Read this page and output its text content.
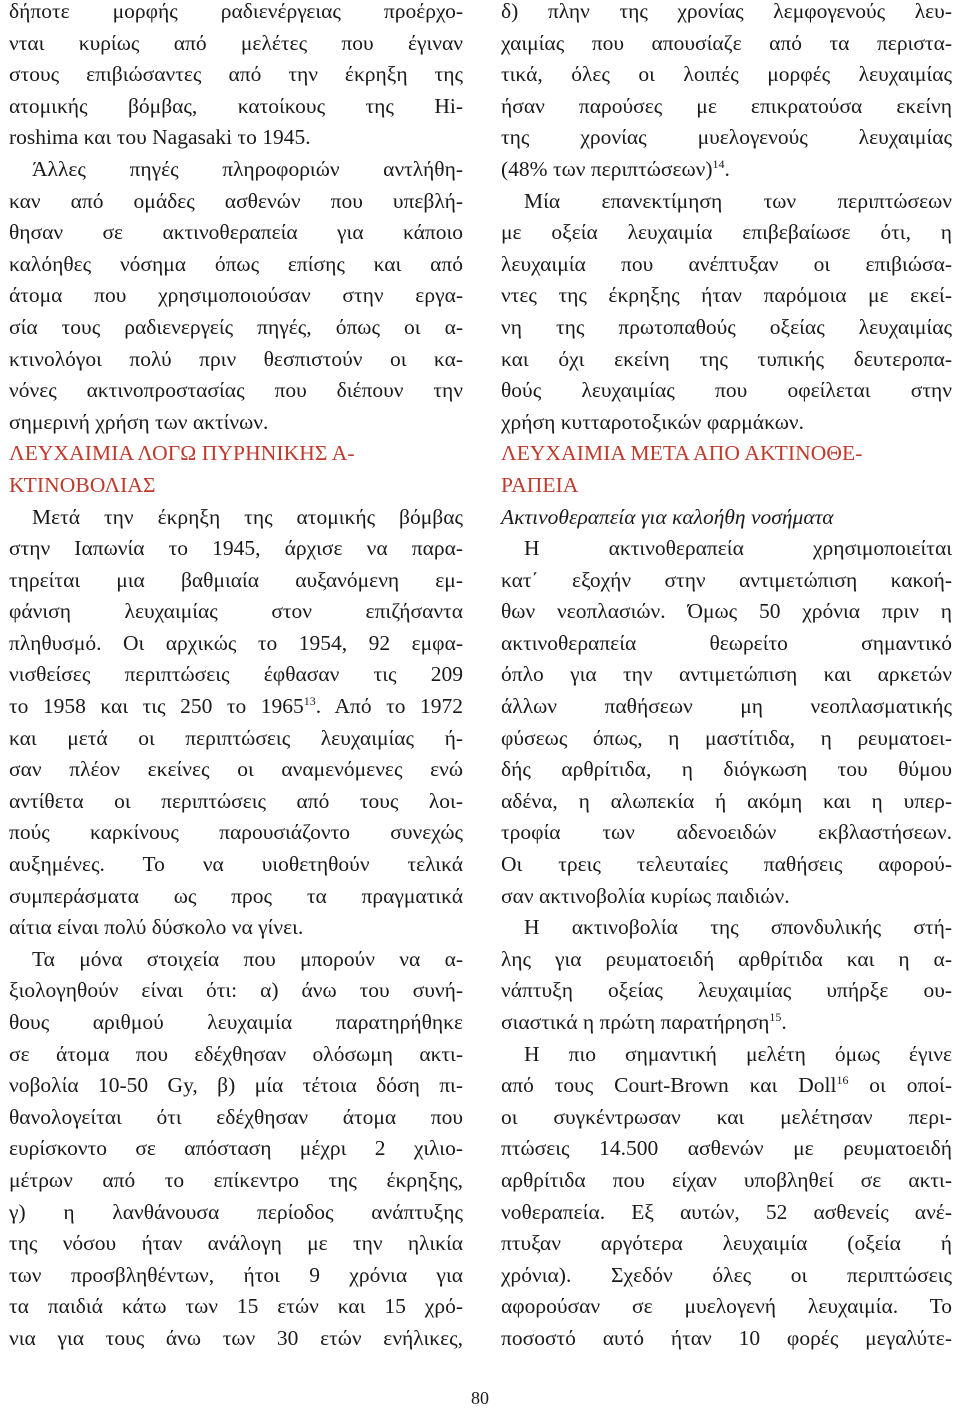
δήποτε μορφής ραδιενέργειας προέρχο-
νται κυρίως από μελέτες που έγιναν
στους επιβιώσαντες από την έκρηξη της
ατομικής βόμβας, κατοίκους της Hi-
roshima και του Nagasaki το 1945.
Άλλες πηγές πληροφοριών αντλήθη-
καν από ομάδες ασθενών που υπεβλή-
θησαν σε ακτινοθεραπεία για κάποιο
καλόηθες νόσημα όπως επίσης και από
άτομα που χρησιμοποιούσαν στην εργα-
σία τους ραδιενεργείς πηγές, όπως οι α-
κτινολόγοι πολύ πριν θεσπιστούν οι κα-
νόνες ακτινοπροστασίας που διέπουν την
σημερινή χρήση των ακτίνων.
ΛΕΥΧΑΙΜΙΑ ΛΟΓΩ ΠΥΡΗΝΙΚΗΣ Α-
ΚΤΙΝΟΒΟΛΙΑΣ
Μετά την έκρηξη της ατομικής βόμβας
στην Ιαπωνία το 1945, άρχισε να παρα-
τηρείται μια βαθμιαία αυξανόμενη εμ-
φάνιση λευχαιμίας στον επιζήσαντα
πληθυσμό. Οι αρχικώς το 1954, 92 εμφα-
νισθείσες περιπτώσεις έφθασαν τις 209
το 1958 και τις 250 το 1965$^{13}$. Από το 1972
και μετά οι περιπτώσεις λευχαιμίας ή-
σαν πλέον εκείνες οι αναμενόμενες ενώ
αντίθετα οι περιπτώσεις από τους λοι-
πούς καρκίνους παρουσιάζοντο συνεχώς
αυξημένες. Το να υιοθετηθούν τελικά
συμπεράσματα ως προς τα πραγματικά
αίτια είναι πολύ δύσκολο να γίνει.
Τα μόνα στοιχεία που μπορούν να α-
ξιολογηθούν είναι ότι: α) άνω του συνή-
θους αριθμού λευχαιμία παρατηρήθηκε
σε άτομα που εδέχθησαν ολόσωμη ακτι-
νοβολία 10-50 Gy, β) μία τέτοια δόση πι-
θανολογείται ότι εδέχθησαν άτομα που
ευρίσκοντο σε απόσταση μέχρι 2 χιλιο-
μέτρων από το επίκεντρο της έκρηξης,
γ) η λανθάνουσα περίοδος ανάπτυξης
της νόσου ήταν ανάλογη με την ηλικία
των προσβληθέντων, ήτοι 9 χρόνια για
τα παιδιά κάτω των 15 ετών και 15 χρό-
νια για τους άνω των 30 ετών ενήλικες,
δ) πλην της χρονίας λεμφογενούς λευ-
χαιμίας που απουσίαζε από τα περιστα-
τικά, όλες οι λοιπές μορφές λευχαιμίας
ήσαν παρούσες με επικρατούσα εκείνη
της χρονίας μυελογενούς λευχαιμίας
(48% των περιπτώσεων)$^{14}$.
Μία επανεκτίμηση των περιπτώσεων
με οξεία λευχαιμία επιβεβαίωσε ότι, η
λευχαιμία που ανέπτυξαν οι επιβιώσα-
ντες της έκρηξης ήταν παρόμοια με εκεί-
νη της πρωτοπαθούς οξείας λευχαιμίας
και όχι εκείνη της τυπικής δευτεροπα-
θούς λευχαιμίας που οφείλεται στην
χρήση κυτταροτοξικών φαρμάκων.
ΛΕΥΧΑΙΜΙΑ ΜΕΤΑ ΑΠΟ ΑΚΤΙΝΟΘΕ-
ΡΑΠΕΙΑ
Ακτινοθεραπεία για καλοήθη νοσήματα
Η ακτινοθεραπεία χρησιμοποιείται
κατ΄ εξοχήν στην αντιμετώπιση κακοή-
θων νεοπλασιών. Όμως 50 χρόνια πριν η
ακτινοθεραπεία θεωρείτο σημαντικό
όπλο για την αντιμετώπιση και αρκετών
άλλων παθήσεων μη νεοπλασματικής
φύσεως όπως, η μαστίτιδα, η ρευματοει-
δής αρθρίτιδα, η διόγκωση του θύμου
αδένα, η αλωπεκία ή ακόμη και η υπερ-
τροφία των αδενοειδών εκβλαστήσεων.
Οι τρεις τελευταίες παθήσεις αφορού-
σαν ακτινοβολία κυρίως παιδιών.
Η ακτινοβολία της σπονδυλικής στή-
λης για ρευματοειδή αρθρίτιδα και η α-
νάπτυξη οξείας λευχαιμίας υπήρξε ου-
σιαστικά η πρώτη παρατήρηση$^{15}$.
Η πιο σημαντική μελέτη όμως έγινε
από τους Court-Brown και Doll$^{16}$ οι οποί-
οι συγκέντρωσαν και μελέτησαν περι-
πτώσεις 14.500 ασθενών με ρευματοειδή
αρθρίτιδα που είχαν υποβληθεί σε ακτι-
νοθεραπεία. Εξ αυτών, 52 ασθενείς ανέ-
πτυξαν αργότερα λευχαιμία (οξεία ή
χρόνια). Σχεδόν όλες οι περιπτώσεις
αφορούσαν σε μυελογενή λευχαιμία. Το
ποσοστό αυτό ήταν 10 φορές μεγαλύτε-
80
